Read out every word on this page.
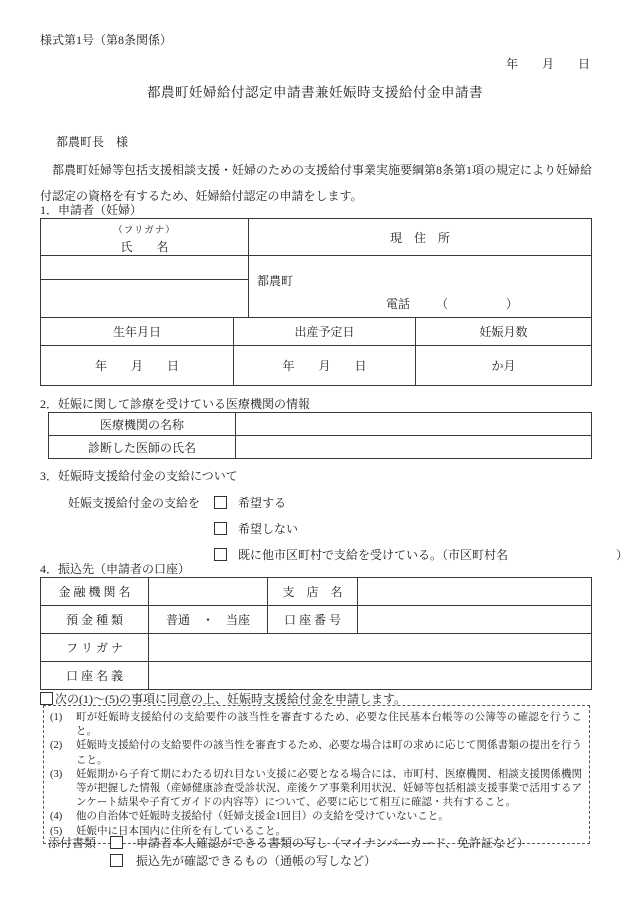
様式第1号（第8条関係）
年　　月　　日
都農町妊婦給付認定申請書兼妊娠時支援給付金申請書
都農町長　様
　都農町妊婦等包括支援相談支援・妊婦のための支援給付事業実施要綱第8条第1項の規定により妊婦給付認定の資格を有するため、妊婦給付認定の申請をします。
1．申請者（妊婦）
（フリガナ）
氏　　名	現　住　所

	都農町
電話 （　　　　）

生年月日	出産予定日	妊娠月数
年　　月　　日	年　　月　　日	か月
2．妊娠に関して診療を受けている医療機関の情報
医療機関の名称	
診断した医師の氏名	
3．妊娠時支援給付金の支給について
妊娠支援給付金の支給を	希望する
希望しない
既に他市区町村で支給を受けている。（市区町村名　　　　　　　　　）
4．振込先（申請者の口座）
金 融 機 関 名		支　店　名	
預 金 種 類	普通　・　当座	口 座 番 号	
フ リ ガ ナ			
口 座 名 義			
次の(1)～(5)の事項に同意の上、妊娠時支援給付金を申請します。
(1)	町が妊娠時支援給付の支給要件の該当性を審査するため、必要な住民基本台帳等の公簿等の確認を行うこと。
(2)	妊娠時支援給付の支給要件の該当性を審査するため、必要な場合は町の求めに応じて関係書類の提出を行うこと。
(3)	妊娠期から子育て期にわたる切れ目ない支援に必要となる場合には、市町村、医療機関、相談支援関係機関等が把握した情報（産婦健康診査受診状況、産後ケア事業利用状況、妊婦等包括相談支援事業で活用するアンケート結果や子育てガイドの内容等）について、必要に応じて相互に確認・共有すること。
(4)	他の自治体で妊娠時支援給付（妊婦支援金1回目）の支給を受けていないこと。
(5)	妊娠中に日本国内に住所を有していること。
添付書類	申請者本人確認ができる書類の写し（マイナンバーカード、免許証など）
振込先が確認できるもの（通帳の写しなど）
